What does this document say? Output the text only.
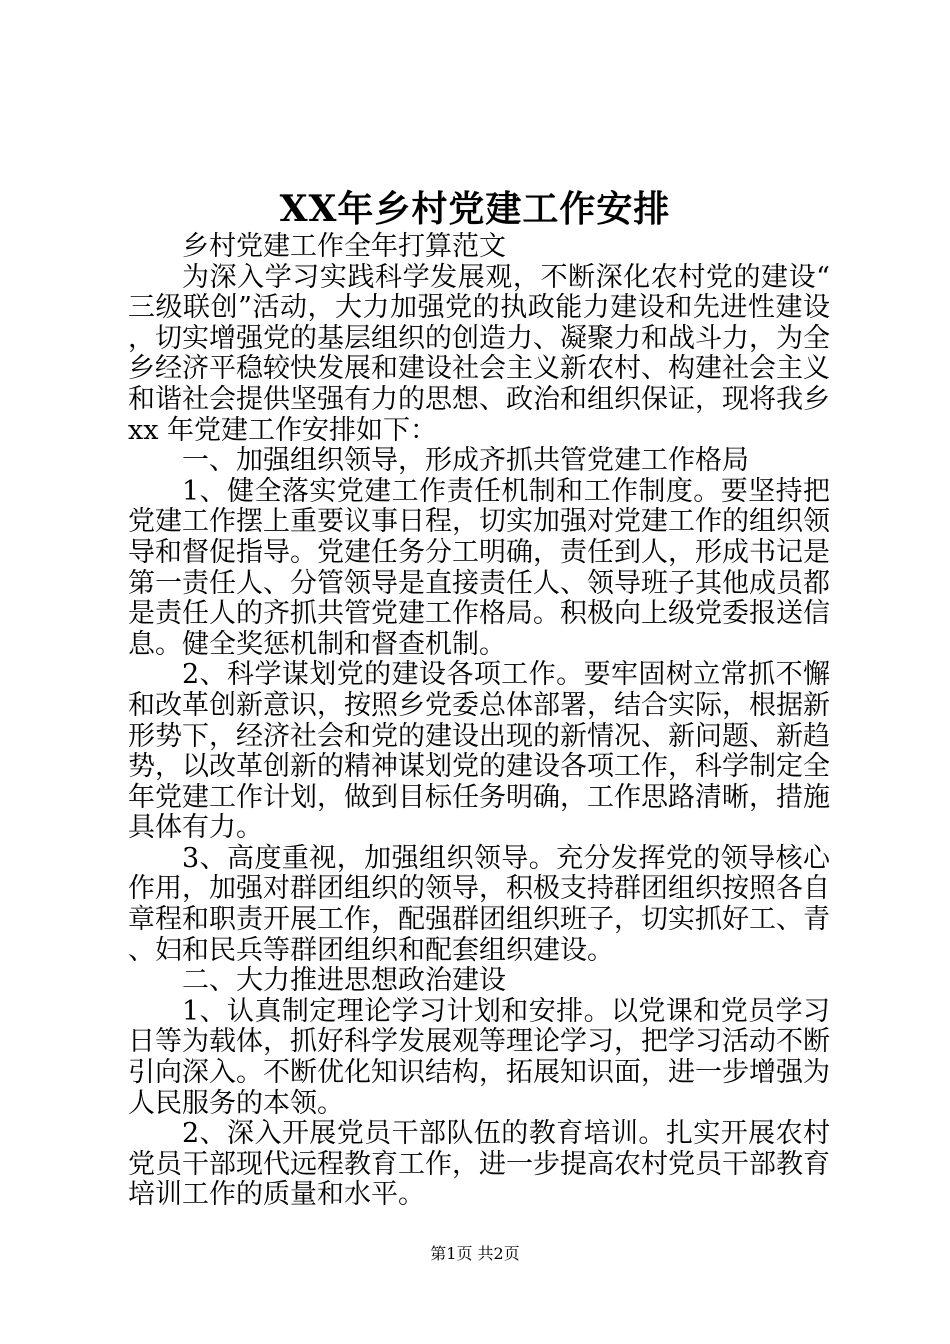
XX年乡村党建工作安排

乡村党建工作全年打算范文

为深入学习实践科学发展观，不断深化农村党的建设“三级联创”活动，大力加强党的执政能力建设和先进性建设，切实增强党的基层组织的创造力、凝聚力和战斗力，为全乡经济平稳较快发展和建设社会主义新农村、构建社会主义和谐社会提供坚强有力的思想、政治和组织保证，现将我乡 xx 年党建工作安排如下：

一、加强组织领导，形成齐抓共管党建工作格局

1、健全落实党建工作责任机制和工作制度。要坚持把党建工作摆上重要议事日程，切实加强对党建工作的组织领导和督促指导。党建任务分工明确，责任到人，形成书记是第一责任人、分管领导是直接责任人、领导班子其他成员都是责任人的齐抓共管党建工作格局。积极向上级党委报送信息。健全奖惩机制和督查机制。

2、科学谋划党的建设各项工作。要牢固树立常抓不懈和改革创新意识，按照乡党委总体部署，结合实际，根据新形势下，经济社会和党的建设出现的新情况、新问题、新趋势，以改革创新的精神谋划党的建设各项工作，科学制定全年党建工作计划，做到目标任务明确，工作思路清晰，措施具体有力。

3、高度重视，加强组织领导。充分发挥党的领导核心作用，加强对群团组织的领导，积极支持群团组织按照各自章程和职责开展工作，配强群团组织班子，切实抓好工、青、妇和民兵等群团组织和配套组织建设。

二、大力推进思想政治建设

1、认真制定理论学习计划和安排。以党课和党员学习日等为载体，抓好科学发展观等理论学习，把学习活动不断引向深入。不断优化知识结构，拓展知识面，进一步增强为人民服务的本领。

2、深入开展党员干部队伍的教育培训。扎实开展农村党员干部现代远程教育工作，进一步提高农村党员干部教育培训工作的质量和水平。

第1页 共2页
